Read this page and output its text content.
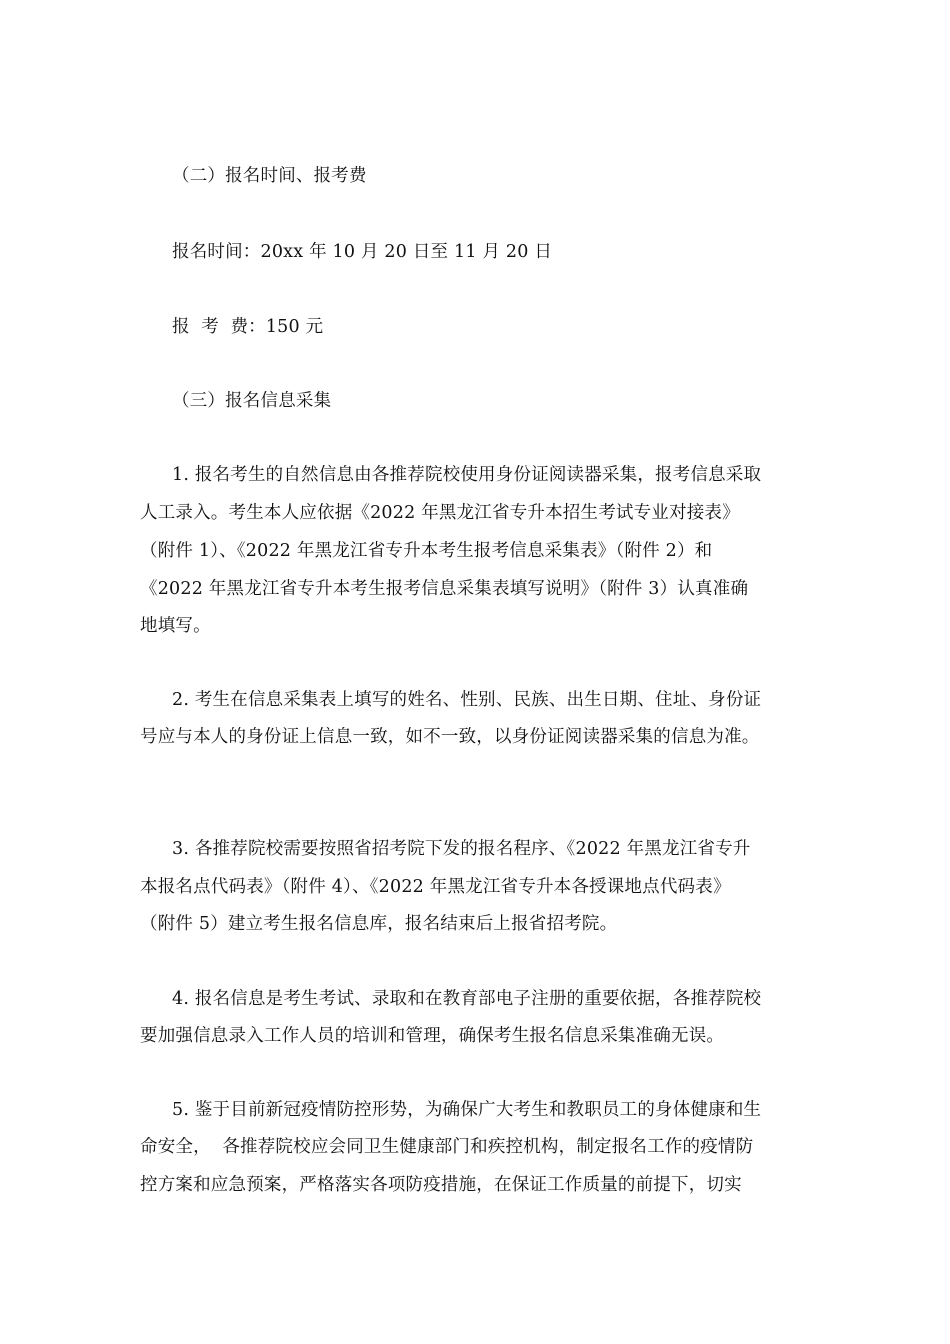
（二）报名时间、报考费
报名时间：20xx 年 10 月 20 日至 11 月 20 日
报  考  费：150 元
（三）报名信息采集
1. 报名考生的自然信息由各推荐院校使用身份证阅读器采集，报考信息采取
人工录入。考生本人应依据《2022 年黑龙江省专升本招生考试专业对接表》
（附件 1）、《2022 年黑龙江省专升本考生报考信息采集表》（附件 2）和
《2022 年黑龙江省专升本考生报考信息采集表填写说明》（附件 3）认真准确
地填写。
2. 考生在信息采集表上填写的姓名、性别、民族、出生日期、住址、身份证
号应与本人的身份证上信息一致，如不一致，以身份证阅读器采集的信息为准。
3. 各推荐院校需要按照省招考院下发的报名程序、《2022 年黑龙江省专升
本报名点代码表》（附件 4）、《2022 年黑龙江省专升本各授课地点代码表》
（附件 5）建立考生报名信息库，报名结束后上报省招考院。
4. 报名信息是考生考试、录取和在教育部电子注册的重要依据，各推荐院校
要加强信息录入工作人员的培训和管理，确保考生报名信息采集准确无误。
5. 鉴于目前新冠疫情防控形势，为确保广大考生和教职员工的身体健康和生
命安全，  各推荐院校应会同卫生健康部门和疾控机构，制定报名工作的疫情防
控方案和应急预案，严格落实各项防疫措施，在保证工作质量的前提下，切实
